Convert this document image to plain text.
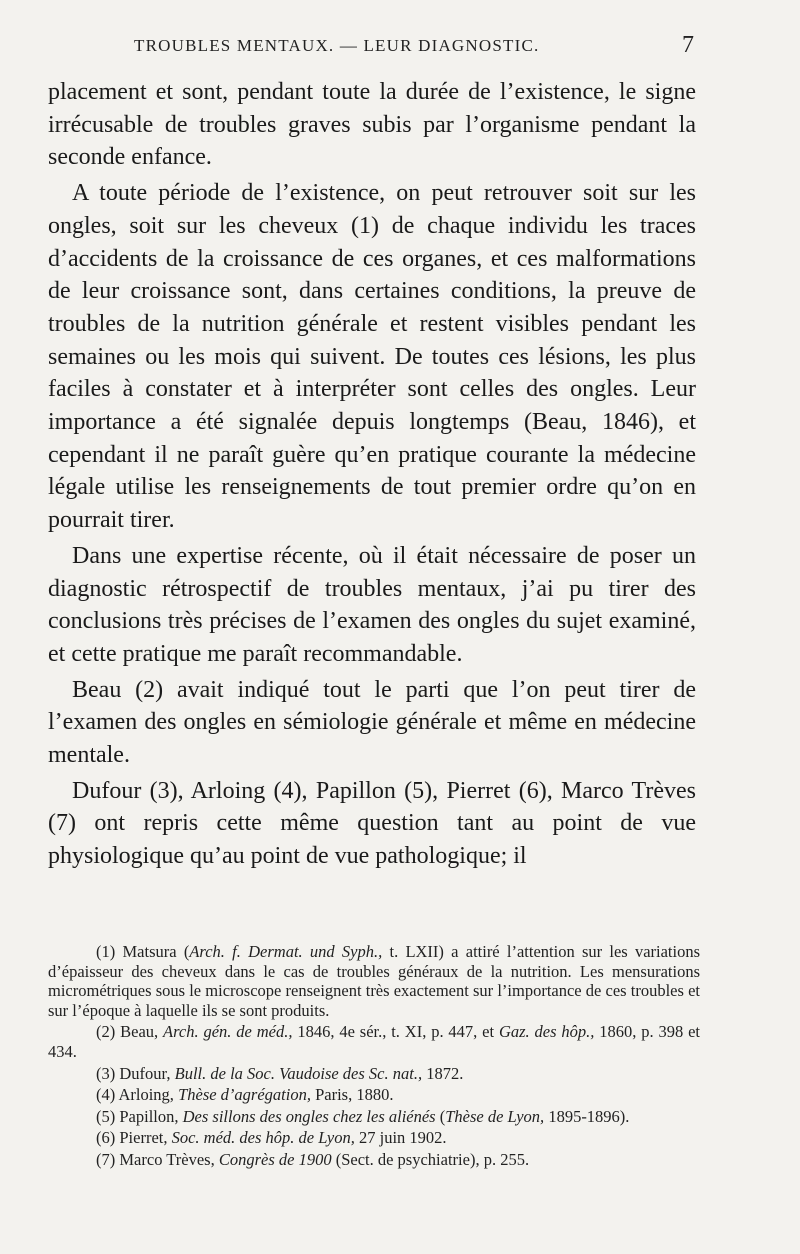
TROUBLES MENTAUX. — LEUR DIAGNOSTIC.	7

placement et sont, pendant toute la durée de l’existence, le signe irrécusable de troubles graves subis par l’organisme pendant la seconde enfance.

A toute période de l’existence, on peut retrouver soit sur les ongles, soit sur les cheveux (1) de chaque individu les traces d’accidents de la croissance de ces organes, et ces malformations de leur croissance sont, dans certaines conditions, la preuve de troubles de la nutrition générale et restent visibles pendant les semaines ou les mois qui suivent. De toutes ces lésions, les plus faciles à constater et à interpréter sont celles des ongles. Leur importance a été signalée depuis longtemps (Beau, 1846), et cependant il ne paraît guère qu’en pratique courante la médecine légale utilise les renseignements de tout premier ordre qu’on en pourrait tirer.

Dans une expertise récente, où il était nécessaire de poser un diagnostic rétrospectif de troubles mentaux, j’ai pu tirer des conclusions très précises de l’examen des ongles du sujet examiné, et cette pratique me paraît recommandable.

Beau (2) avait indiqué tout le parti que l’on peut tirer de l’examen des ongles en sémiologie générale et même en médecine mentale.

Dufour (3), Arloing (4), Papillon (5), Pierret (6), Marco Trèves (7) ont repris cette même question tant au point de vue physiologique qu’au point de vue pathologique; il

(1) Matsura (Arch. f. Dermat. und Syph., t. LXII) a attiré l’attention sur les variations d’épaisseur des cheveux dans le cas de troubles généraux de la nutrition. Les mensurations micrométriques sous le microscope renseignent très exactement sur l’importance de ces troubles et sur l’époque à laquelle ils se sont produits.

(2) Beau, Arch. gén. de méd., 1846, 4e sér., t. XI, p. 447, et Gaz. des hôp., 1860, p. 398 et 434.

(3) Dufour, Bull. de la Soc. Vaudoise des Sc. nat., 1872.

(4) Arloing, Thèse d’agrégation, Paris, 1880.

(5) Papillon, Des sillons des ongles chez les aliénés (Thèse de Lyon, 1895-1896).

(6) Pierret, Soc. méd. des hôp. de Lyon, 27 juin 1902.

(7) Marco Trèves, Congrès de 1900 (Sect. de psychiatrie), p. 255.
